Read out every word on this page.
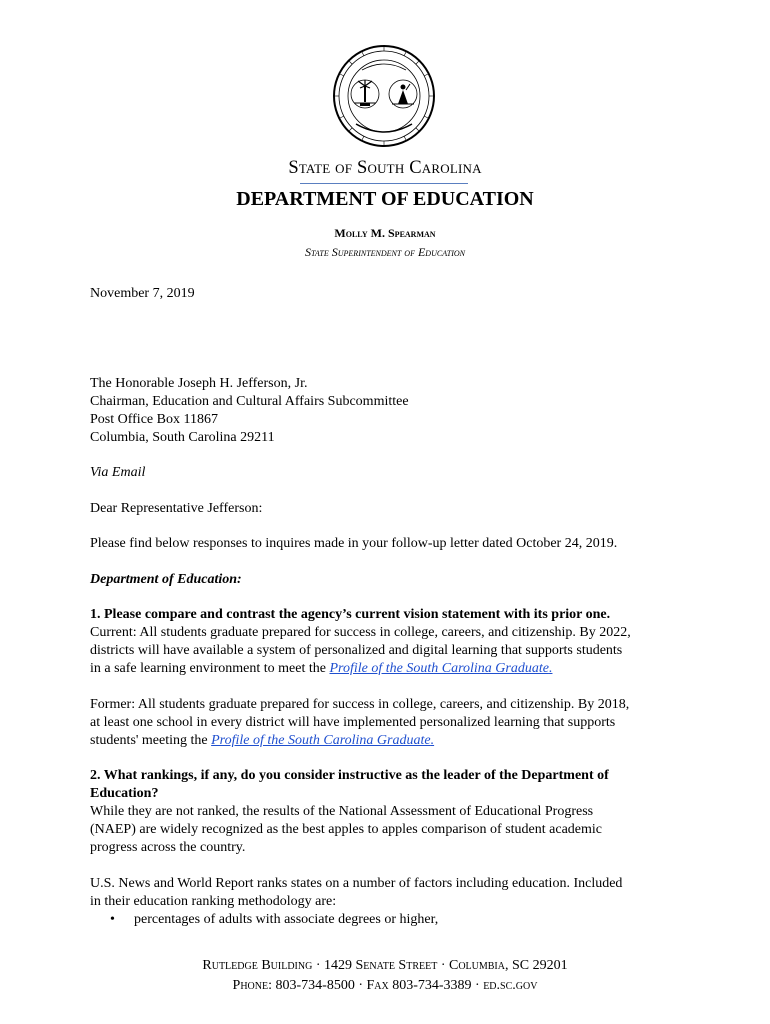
State of South Carolina
DEPARTMENT OF EDUCATION
Molly M. Spearman
State Superintendent of Education
November 7, 2019

The Honorable Joseph H. Jefferson, Jr.

Chairman, Education and Cultural Affairs Subcommittee

Post Office Box 11867

Columbia, South Carolina 29211

Via Email
Dear Representative Jefferson:
Please find below responses to inquires made in your follow-up letter dated October 24, 2019.
Department of Education:

1. Please compare and contrast the agency’s current vision statement with its prior one.

Current: All students graduate prepared for success in college, careers, and citizenship. By 2022,

districts will have available a system of personalized and digital learning that supports students

in a safe learning environment to meet the Profile of the South Carolina Graduate.

Former: All students graduate prepared for success in college, careers, and citizenship. By 2018,

at least one school in every district will have implemented personalized learning that supports

students' meeting the Profile of the South Carolina Graduate.

2. What rankings, if any, do you consider instructive as the leader of the Department of

Education?

While they are not ranked, the results of the National Assessment of Educational Progress

(NAEP) are widely recognized as the best apples to apples comparison of student academic

progress across the country.

U.S. News and World Report ranks states on a number of factors including education. Included

in their education ranking methodology are:

• percentages of adults with associate degrees or higher,
Rutledge Building · 1429 Senate Street · Columbia, SC 29201
Phone: 803-734-8500 · Fax 803-734-3389 · ed.sc.gov
